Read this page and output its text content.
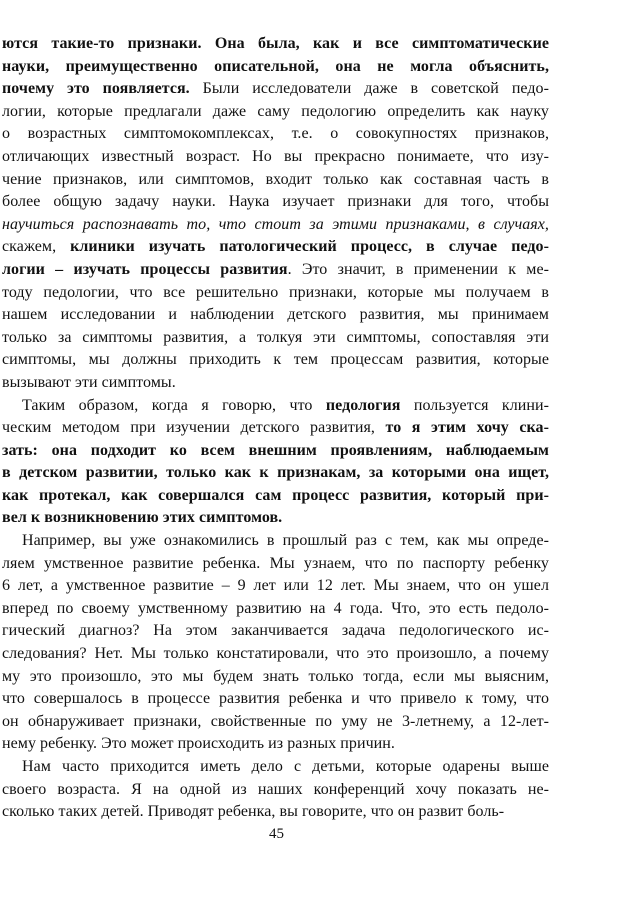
ются такие-то признаки. Она была, как и все симптоматические
науки, преимущественно описательной, она не могла объяснить,
почему это появляется. Были исследователи даже в советской педо-
логии, которые предлагали даже саму педологию определить как науку
о возрастных симптомокомплексах, т.е. о совокупностях признаков,
отличающих известный возраст. Но вы прекрасно понимаете, что изу-
чение признаков, или симптомов, входит только как составная часть в
более общую задачу науки. Наука изучает признаки для того, чтобы
научиться распознавать то, что стоит за этими признаками, в случаях,
скажем, клиники изучать патологический процесс, в случае педо-
логии – изучать процессы развития. Это значит, в применении к ме-
тоду педологии, что все решительно признаки, которые мы получаем в
нашем исследовании и наблюдении детского развития, мы принимаем
только за симптомы развития, а толкуя эти симптомы, сопоставляя эти
симптомы, мы должны приходить к тем процессам развития, которые
вызывают эти симптомы.
Таким образом, когда я говорю, что педология пользуется клини-
ческим методом при изучении детского развития, то я этим хочу ска-
зать: она подходит ко всем внешним проявлениям, наблюдаемым
в детском развитии, только как к признакам, за которыми она ищет,
как протекал, как совершался сам процесс развития, который при-
вел к возникновению этих симптомов.
Например, вы уже ознакомились в прошлый раз с тем, как мы опреде-
ляем умственное развитие ребенка. Мы узнаем, что по паспорту ребенку
6 лет, а умственное развитие – 9 лет или 12 лет. Мы знаем, что он ушел
вперед по своему умственному развитию на 4 года. Что, это есть педоло-
гический диагноз? На этом заканчивается задача педологического ис-
следования? Нет. Мы только констатировали, что это произошло, а почему
му это произошло, это мы будем знать только тогда, если мы выясним,
что совершалось в процессе развития ребенка и что привело к тому, что
он обнаруживает признаки, свойственные по уму не 3-летнему, а 12-лет-
нему ребенку. Это может происходить из разных причин.
Нам часто приходится иметь дело с детьми, которые одарены выше
своего возраста. Я на одной из наших конференций хочу показать не-
сколько таких детей. Приводят ребенка, вы говорите, что он развит боль-
45
